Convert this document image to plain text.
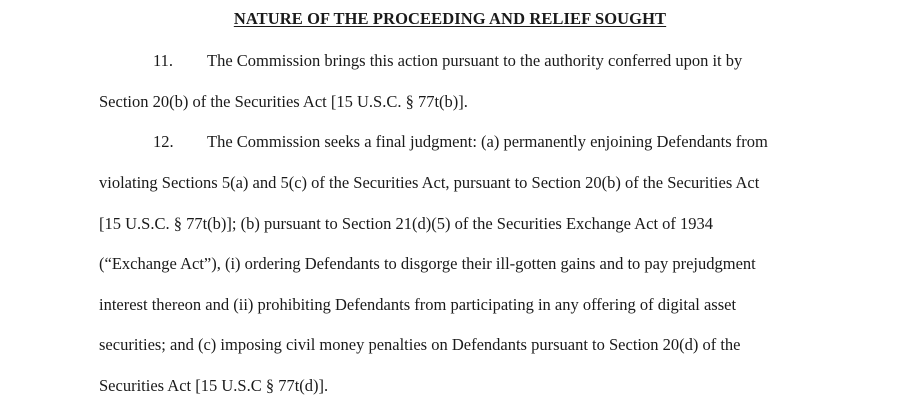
NATURE OF THE PROCEEDING AND RELIEF SOUGHT
11. The Commission brings this action pursuant to the authority conferred upon it by
Section 20(b) of the Securities Act [15 U.S.C. § 77t(b)].
12. The Commission seeks a final judgment: (a) permanently enjoining Defendants from
violating Sections 5(a) and 5(c) of the Securities Act, pursuant to Section 20(b) of the Securities Act
[15 U.S.C. § 77t(b)]; (b) pursuant to Section 21(d)(5) of the Securities Exchange Act of 1934
(“Exchange Act”), (i) ordering Defendants to disgorge their ill-gotten gains and to pay prejudgment
interest thereon and (ii) prohibiting Defendants from participating in any offering of digital asset
securities; and (c) imposing civil money penalties on Defendants pursuant to Section 20(d) of the
Securities Act [15 U.S.C § 77t(d)].
